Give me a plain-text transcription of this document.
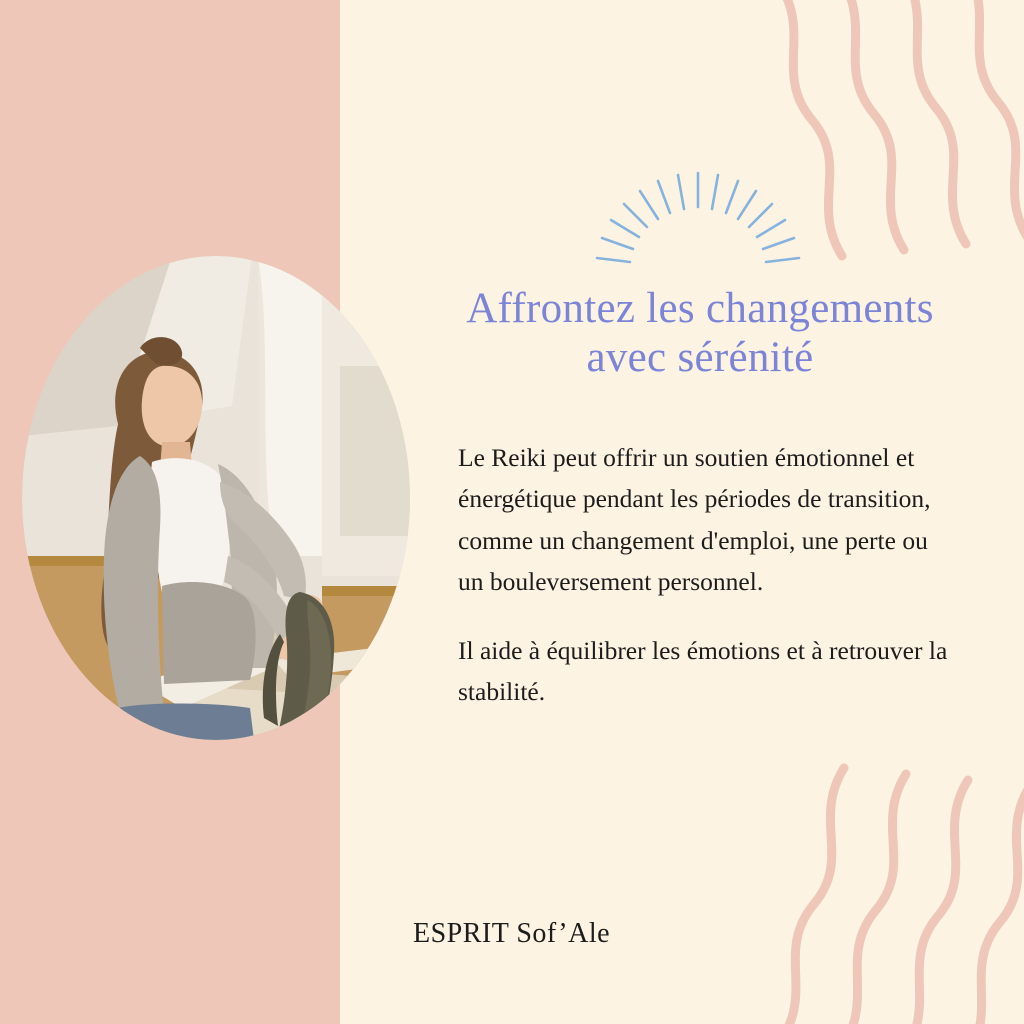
Affrontez les changements
avec sérénité

Le Reiki peut offrir un soutien émotionnel et énergétique pendant les périodes de transition, comme un changement d'emploi, une perte ou un bouleversement personnel.

Il aide à équilibrer les émotions et à retrouver la stabilité.

ESPRIT Sof’Ale
